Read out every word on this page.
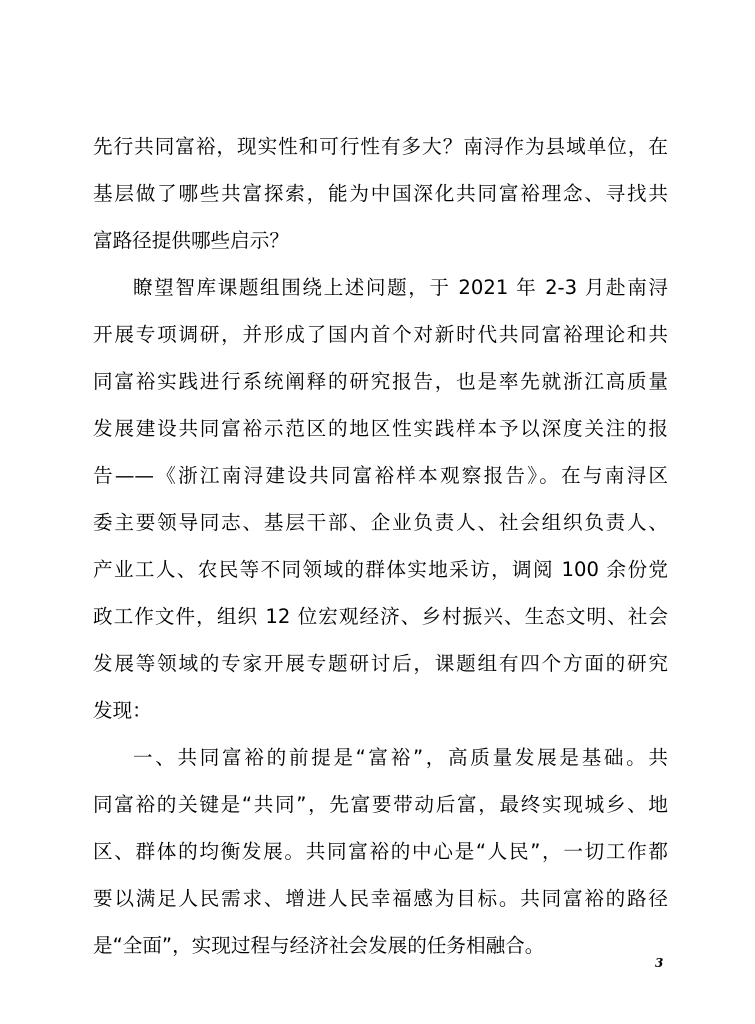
先行共同富裕，现实性和可行性有多大？南浔作为县域单位，在
基层做了哪些共富探索，能为中国深化共同富裕理念、寻找共
富路径提供哪些启示？
瞭望智库课题组围绕上述问题，于 2021 年 2-3 月赴南浔
开展专项调研，并形成了国内首个对新时代共同富裕理论和共
同富裕实践进行系统阐释的研究报告，也是率先就浙江高质量
发展建设共同富裕示范区的地区性实践样本予以深度关注的报
告——《浙江南浔建设共同富裕样本观察报告》。在与南浔区
委主要领导同志、基层干部、企业负责人、社会组织负责人、
产业工人、农民等不同领域的群体实地采访，调阅 100 余份党
政工作文件，组织 12 位宏观经济、乡村振兴、生态文明、社会
发展等领域的专家开展专题研讨后，课题组有四个方面的研究
发现：
一、共同富裕的前提是“富裕”，高质量发展是基础。共
同富裕的关键是“共同”，先富要带动后富，最终实现城乡、地
区、群体的均衡发展。共同富裕的中心是“人民”，一切工作都
要以满足人民需求、增进人民幸福感为目标。共同富裕的路径
是“全面”，实现过程与经济社会发展的任务相融合。
3
